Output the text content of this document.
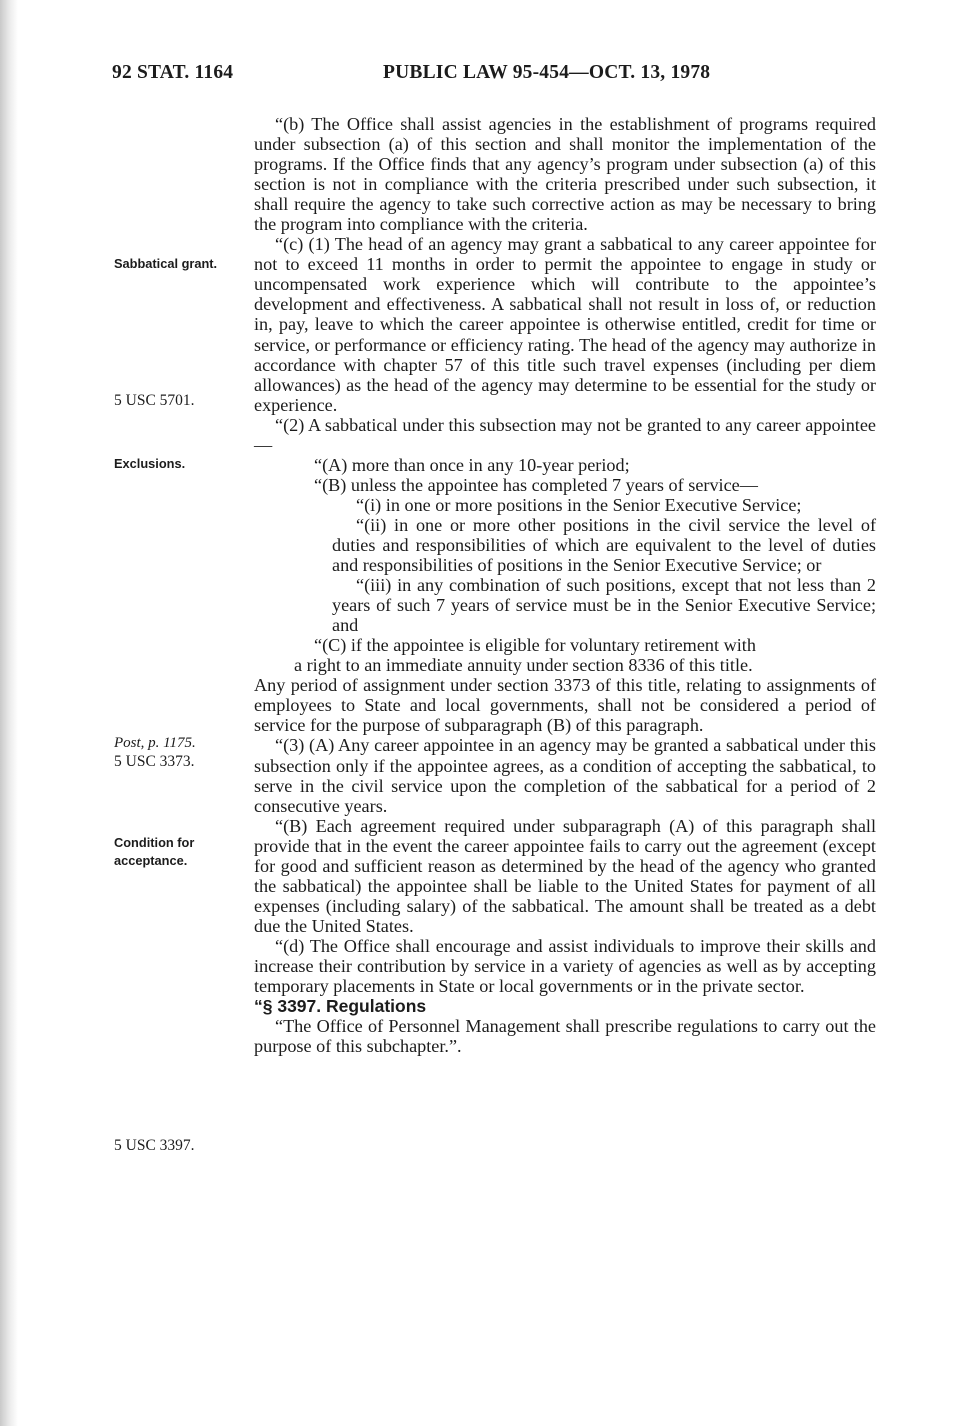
92 STAT. 1164	PUBLIC LAW 95-454—OCT. 13, 1978
Sabbatical grant.
5 USC 5701.
Exclusions.
Post, p. 1175.
5 USC 3373.
Condition for
acceptance.
5 USC 3397.

“(b) The Office shall assist agencies in the establishment of programs required under subsection (a) of this section and shall monitor the implementation of the programs. If the Office finds that any agency’s program under subsection (a) of this section is not in compliance with the criteria prescribed under such subsection, it shall require the agency to take such corrective action as may be necessary to bring the program into compliance with the criteria.

“(c) (1) The head of an agency may grant a sabbatical to any career appointee for not to exceed 11 months in order to permit the appointee to engage in study or uncompensated work experience which will contribute to the appointee’s development and effectiveness. A sabbatical shall not result in loss of, or reduction in, pay, leave to which the career appointee is otherwise entitled, credit for time or service, or performance or efficiency rating. The head of the agency may authorize in accordance with chapter 57 of this title such travel expenses (including per diem allowances) as the head of the agency may determine to be essential for the study or experience.

“(2) A sabbatical under this subsection may not be granted to any career appointee—

“(A) more than once in any 10-year period;

“(B) unless the appointee has completed 7 years of service—

“(i) in one or more positions in the Senior Executive Service;

“(ii) in one or more other positions in the civil service the level of duties and responsibilities of which are equivalent to the level of duties and responsibilities of positions in the Senior Executive Service; or

“(iii) in any combination of such positions, except that not less than 2 years of such 7 years of service must be in the Senior Executive Service; and

“(C) if the appointee is eligible for voluntary retirement with

a right to an immediate annuity under section 8336 of this title.

Any period of assignment under section 3373 of this title, relating to assignments of employees to State and local governments, shall not be considered a period of service for the purpose of subparagraph (B) of this paragraph.

“(3) (A) Any career appointee in an agency may be granted a sabbatical under this subsection only if the appointee agrees, as a condition of accepting the sabbatical, to serve in the civil service upon the completion of the sabbatical for a period of 2 consecutive years.

“(B) Each agreement required under subparagraph (A) of this paragraph shall provide that in the event the career appointee fails to carry out the agreement (except for good and sufficient reason as determined by the head of the agency who granted the sabbatical) the appointee shall be liable to the United States for payment of all expenses (including salary) of the sabbatical. The amount shall be treated as a debt due the United States.

“(d) The Office shall encourage and assist individuals to improve their skills and increase their contribution by service in a variety of agencies as well as by accepting temporary placements in State or local governments or in the private sector.

“§ 3397. Regulations

“The Office of Personnel Management shall prescribe regulations to carry out the purpose of this subchapter.”.
